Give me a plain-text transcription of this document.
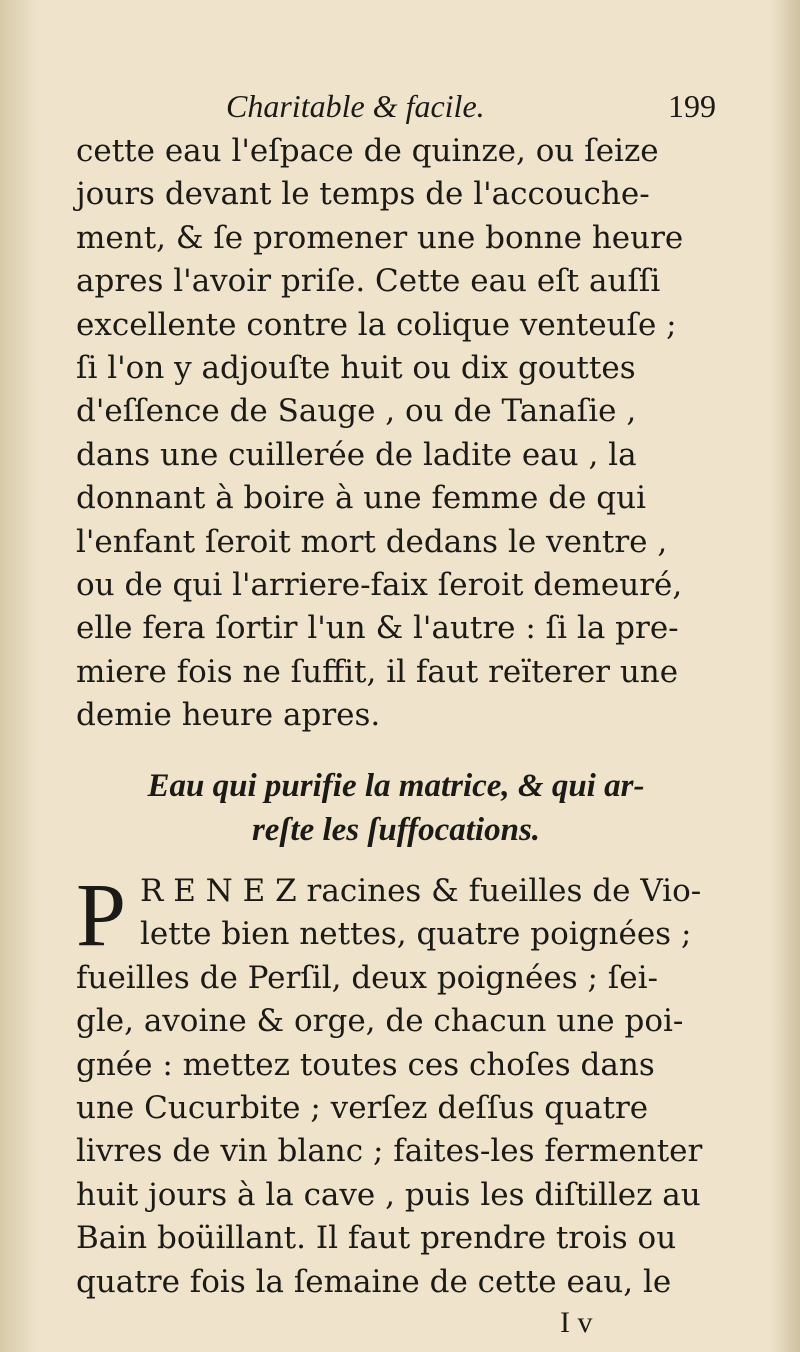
Charitable & facile.	199
cette eau l'eſpace de quinze, ou ſeize
jours devant le temps de l'accouche-
ment, & ſe promener une bonne heure
apres l'avoir priſe. Cette eau eſt auſſi
excellente contre la colique venteuſe ;
ſi l'on y adjouſte huit ou dix gouttes
d'eſſence de Sauge , ou de Tanaſie ,
dans une cuillerée de ladite eau , la
donnant à boire à une femme de qui
l'enfant ſeroit mort dedans le ventre ,
ou de qui l'arriere-faix ſeroit demeuré,
elle fera ſortir l'un & l'autre : ſi la pre-
miere fois ne ſuffit, il faut reïterer une
demie heure apres.
Eau qui purifie la matrice, & qui ar-
reſte les ſuffocations.
P R E N E Z racines & fueilles de Vio-
lette bien nettes, quatre poignées ;
fueilles de Perſil, deux poignées ; ſei-
gle, avoine & orge, de chacun une poi-
gnée : mettez toutes ces choſes dans
une Cucurbite ; verſez deſſus quatre
livres de vin blanc ; faites-les fermenter
huit jours à la cave , puis les diſtillez au
Bain boüillant. Il faut prendre trois ou
quatre fois la ſemaine de cette eau, le
I v
